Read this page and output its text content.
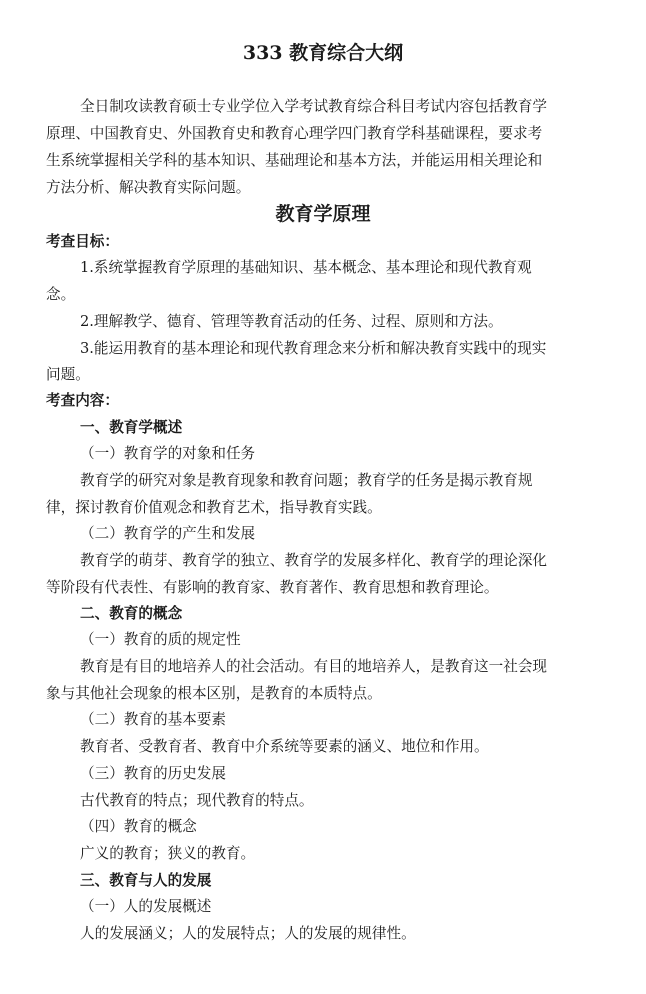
333 教育综合大纲
全日制攻读教育硕士专业学位入学考试教育综合科目考试内容包括教育学
原理、中国教育史、外国教育史和教育心理学四门教育学科基础课程，要求考
生系统掌握相关学科的基本知识、基础理论和基本方法，并能运用相关理论和
方法分析、解决教育实际问题。
教育学原理
考查目标：
1.系统掌握教育学原理的基础知识、基本概念、基本理论和现代教育观
念。
2.理解教学、德育、管理等教育活动的任务、过程、原则和方法。
3.能运用教育的基本理论和现代教育理念来分析和解决教育实践中的现实
问题。
考查内容：
一、教育学概述
（一）教育学的对象和任务
教育学的研究对象是教育现象和教育问题；教育学的任务是揭示教育规
律，探讨教育价值观念和教育艺术，指导教育实践。
（二）教育学的产生和发展
教育学的萌芽、教育学的独立、教育学的发展多样化、教育学的理论深化
等阶段有代表性、有影响的教育家、教育著作、教育思想和教育理论。
二、教育的概念
（一）教育的质的规定性
教育是有目的地培养人的社会活动。有目的地培养人，是教育这一社会现
象与其他社会现象的根本区别，是教育的本质特点。
（二）教育的基本要素
教育者、受教育者、教育中介系统等要素的涵义、地位和作用。
（三）教育的历史发展
古代教育的特点；现代教育的特点。
（四）教育的概念
广义的教育；狭义的教育。
三、教育与人的发展
（一）人的发展概述
人的发展涵义；人的发展特点；人的发展的规律性。
